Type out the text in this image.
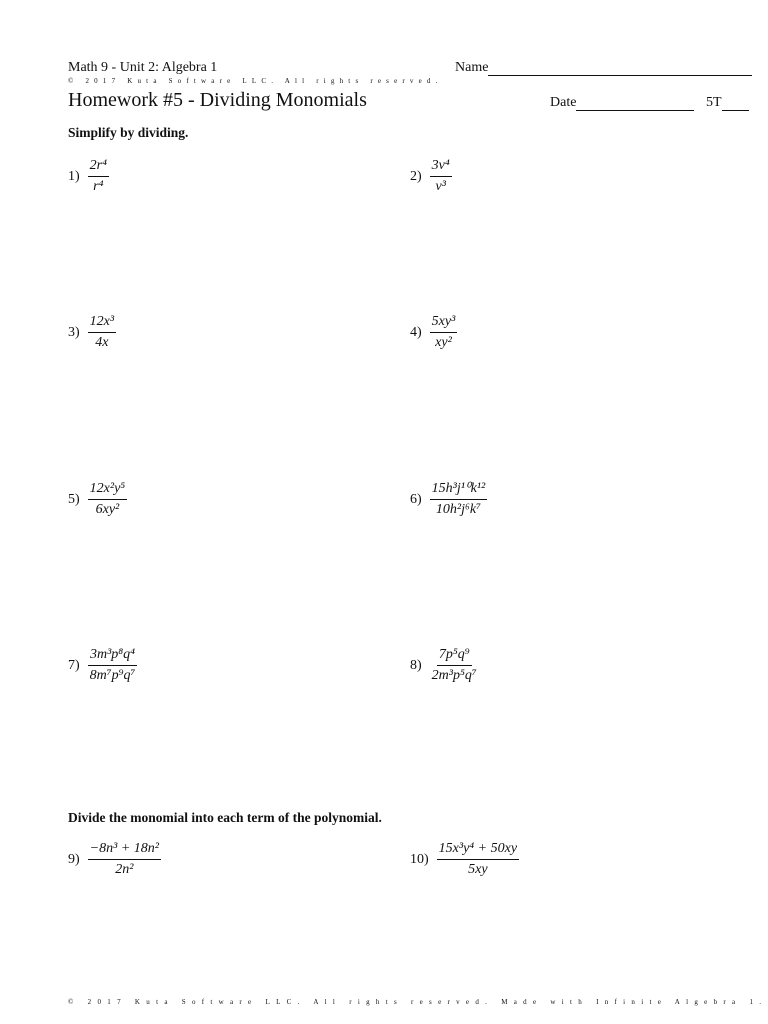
Math 9 - Unit 2: Algebra 1
© 2017 Kuta Software LLC. All rights reserved.
Name
Homework #5 - Dividing Monomials	Date	5T
Simplify by dividing.
$1) \frac{\text{2r⁴}}{\text{r⁴}}$	$2) \frac{\text{3v⁴}}{\text{v³}}$
$3) \frac{\text{12x³}}{4x}$	$4) \frac{\text{5xy³}}{\text{xy²}}$
$5) \frac{\text{12x²y⁵}}{\text{6xy²}}$	$6) \frac{\text{15h³j¹⁰k¹²}}{\text{10h²j⁶k⁷}}$
$7) \frac{\text{3m³p⁸q⁴}}{\text{8m⁷p⁹q⁷}}$	$8) \frac{\text{7p⁵q⁹}}{\text{2m³p⁵q⁷}}$
Divide the monomial into each term of the polynomial.
$9) \frac{\text{−8n³ + 18n²}}{\text{2n²}}$	$10) \frac{\text{15x³y⁴ + 50xy}}{5xy}$
© 2017 Kuta Software LLC. All rights reserved. Made with Infinite Algebra 1.
